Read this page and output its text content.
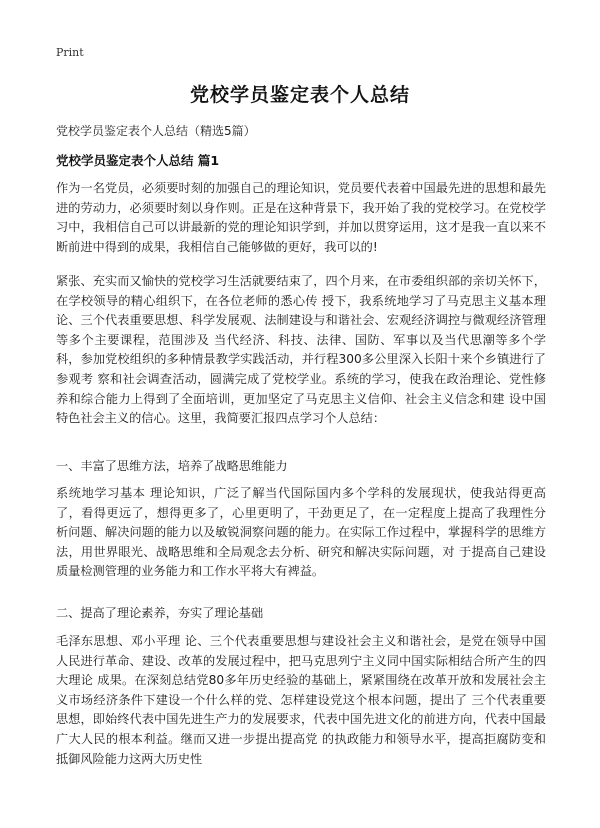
Print
党校学员鉴定表个人总结
党校学员鉴定表个人总结（精选5篇）
党校学员鉴定表个人总结 篇1

作为一名党员，必须要时刻的加强自己的理论知识，党员要代表着中国最先进的思想和最先进的劳动力，必须要时刻以身作则。正是在这种背景下，我开始了我的党校学习。在党校学习中，我相信自己可以讲最新的党的理论知识学到，并加以贯穿运用，这才是我一直以来不断前进中得到的成果，我相信自己能够做的更好，我可以的!

紧张、充实而又愉快的党校学习生活就要结束了，四个月来，在市委组织部的亲切关怀下，在学校领导的精心组织下，在各位老师的悉心传 授下，我系统地学习了马克思主义基本理论、三个代表重要思想、科学发展观、法制建设与和谐社会、宏观经济调控与微观经济管理等多个主要课程，范围涉及 当代经济、科技、法律、国防、军事以及当代思潮等多个学科，参加党校组织的多种情景教学实践活动，并行程300多公里深入长阳十来个乡镇进行了参观考 察和社会调查活动，圆满完成了党校学业。系统的学习，使我在政治理论、党性修养和综合能力上得到了全面培训，更加坚定了马克思主义信仰、社会主义信念和建 设中国特色社会主义的信心。这里，我简要汇报四点学习个人总结：

一、丰富了思维方法，培养了战略思维能力

系统地学习基本 理论知识，广泛了解当代国际国内多个学科的发展现状，使我站得更高了，看得更远了，想得更多了，心里更明了，干劲更足了，在一定程度上提高了我理性分 析问题、解决问题的能力以及敏锐洞察问题的能力。在实际工作过程中，掌握科学的思维方法，用世界眼光、战略思维和全局观念去分析、研究和解决实际问题，对 于提高自己建设质量检测管理的业务能力和工作水平将大有裨益。

二、提高了理论素养，夯实了理论基础

毛泽东思想、邓小平理 论、三个代表重要思想与建设社会主义和谐社会，是党在领导中国人民进行革命、建设、改革的发展过程中，把马克思列宁主义同中国实际相结合所产生的四大理论 成果。在深刻总结党80多年历史经验的基础上，紧紧围绕在改革开放和发展社会主义市场经济条件下建设一个什么样的党、怎样建设党这个根本问题，提出了 三个代表重要思想，即始终代表中国先进生产力的发展要求，代表中国先进文化的前进方向，代表中国最广大人民的根本利益。继而又进一步提出提高党 的执政能力和领导水平，提高拒腐防变和抵御风险能力这两大历史性
